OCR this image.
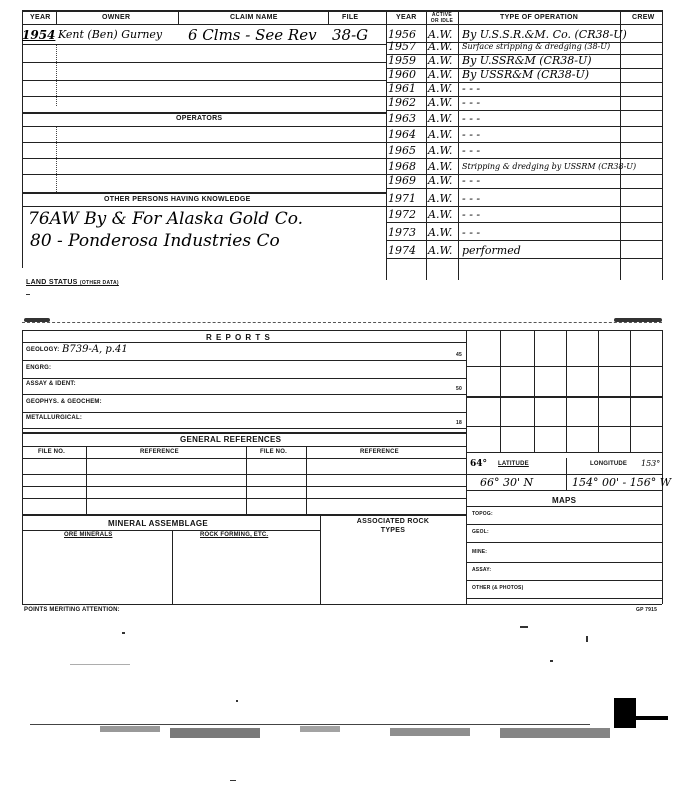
YEAR	OWNER	CLAIM NAME	FILE	YEAR	ACTIVE OR IDLE	TYPE OF OPERATION	CREW
OPERATORS
OTHER PERSONS HAVING KNOWLEDGE
1954 Kent (Ben) Gurney 6 Clms - See Rev 38-G
76AW By & For Alaska Gold Co.
80 - Ponderosa Industries Co
1956 A.W. By U.S.S.R.&M. Co. (CR38-U)
1957 A.W. Surface stripping & dredging (38-U)
1959 A.W. By U.SSR&M (CR38-U)
1960 A.W. By USSR&M (CR38-U)
1961 A.W. - - -
1962 A.W. - - -
1963 A.W. - - -
1964 A.W. - - -
1965 A.W. - - -
1968 A.W. Stripping & dredging by USSRM (CR38-U)
1969 A.W. - - -
1971 A.W. - - -
1972 A.W. - - -
1973 A.W. - - -
1974 A.W. performed
LAND STATUS (OTHER DATA)
R E P O R T S
GEOLOGY: B739-A, p.41	45
ENGRG:
ASSAY & IDENT:
50
GEOPHYS. & GEOCHEM:
METALLURGICAL:
18
GENERAL REFERENCES
FILE NO.	REFERENCE	FILE NO.	REFERENCE
MINERAL ASSEMBLAGE	ASSOCIATED ROCK TYPES
ORE MINERALS	ROCK FORMING, ETC.
64° LATITUDE	LONGITUDE 153°
66° 30' N	154° 00' - 156° W
MAPS
TOPOG:
GEOL:
MINE:
ASSAY:
OTHER (& PHOTOS)
POINTS MERITING ATTENTION:	GP 7915
